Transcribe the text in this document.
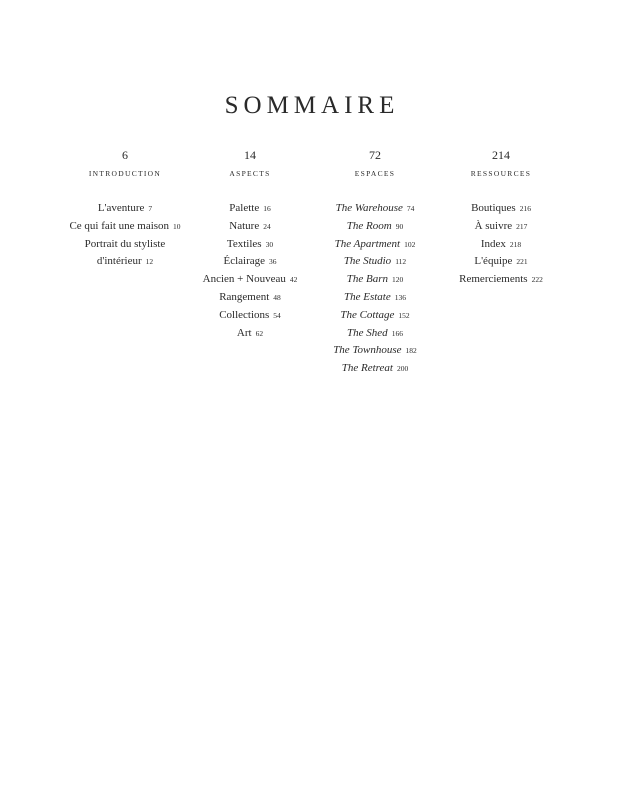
SOMMAIRE
6
INTRODUCTION
L'aventure 7
Ce qui fait une maison 10
Portrait du styliste
d'intérieur 12
14
ASPECTS
Palette 16
Nature 24
Textiles 30
Éclairage 36
Ancien + Nouveau 42
Rangement 48
Collections 54
Art 62
72
ESPACES
The Warehouse 74
The Room 90
The Apartment 102
The Studio 112
The Barn 120
The Estate 136
The Cottage 152
The Shed 166
The Townhouse 182
The Retreat 200
214
RESSOURCES
Boutiques 216
À suivre 217
Index 218
L'équipe 221
Remerciements 222
